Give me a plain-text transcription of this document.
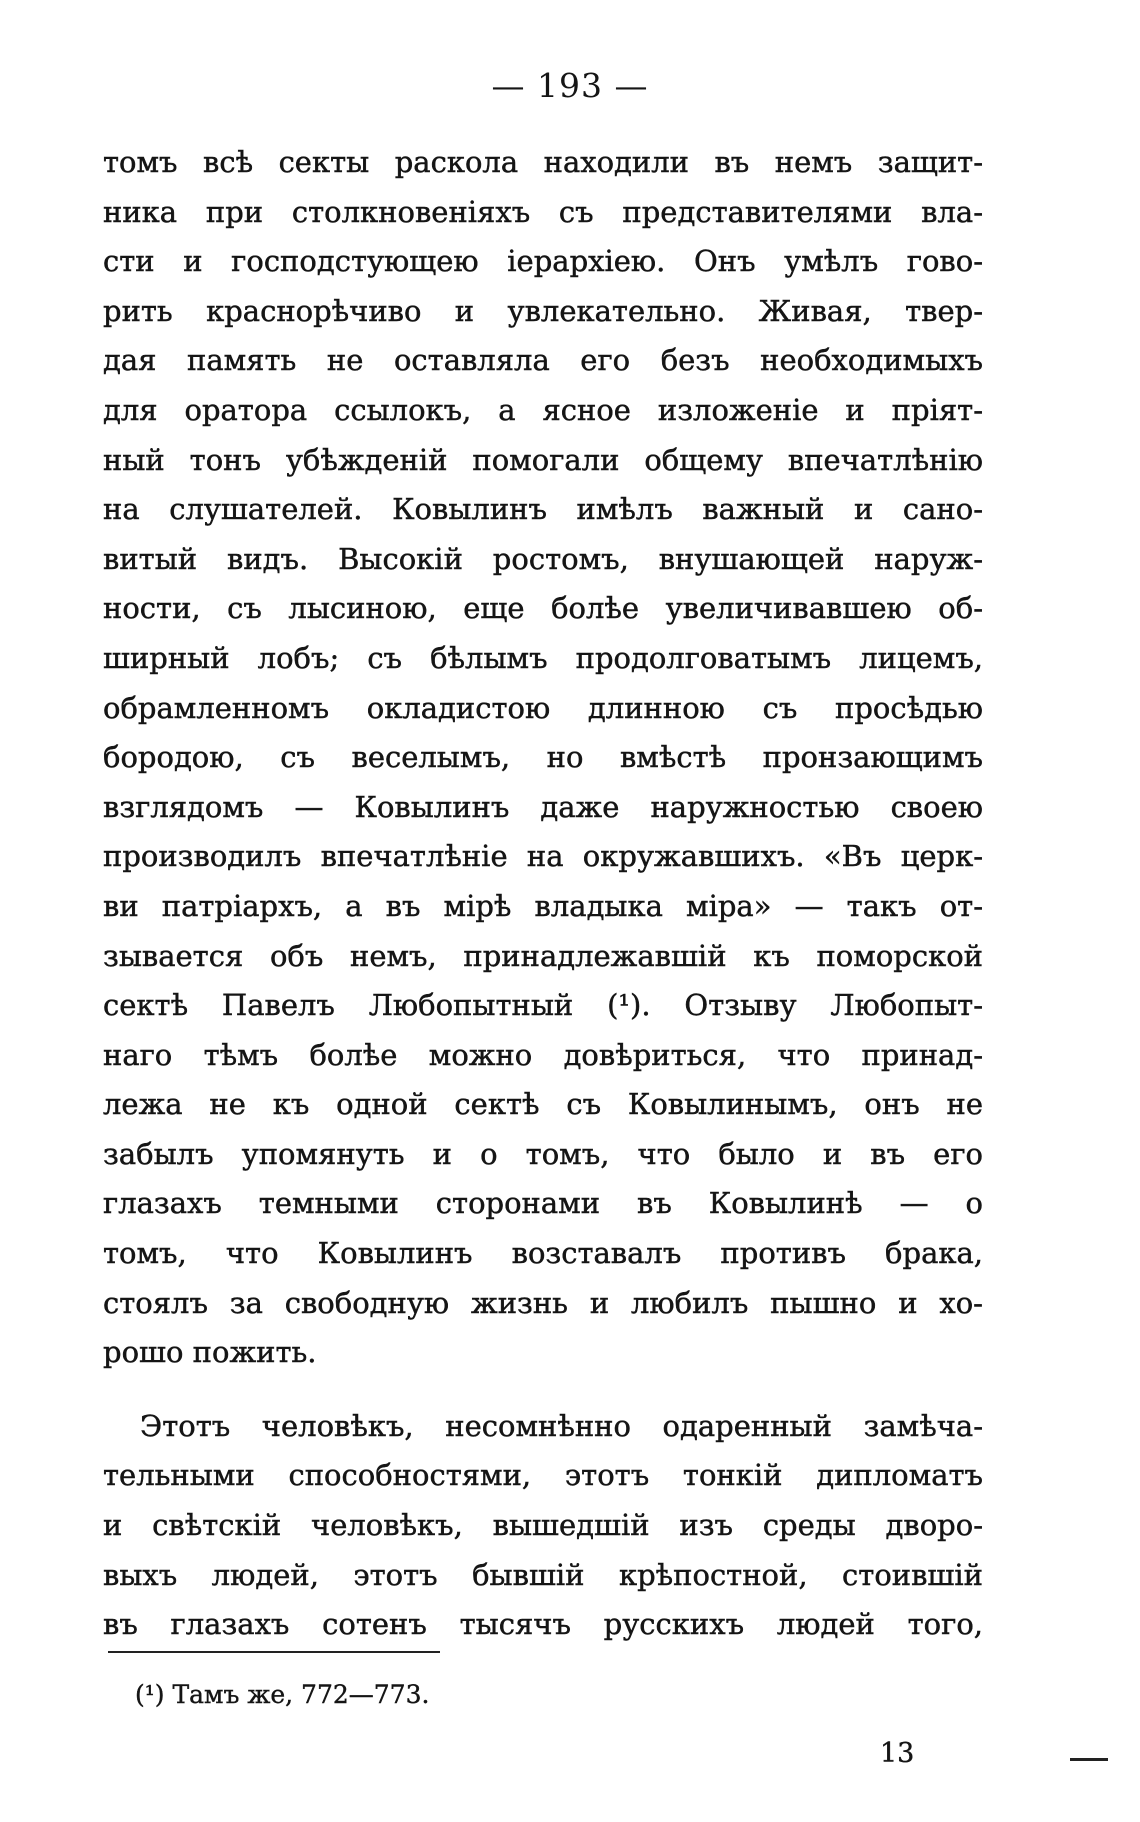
— 193 —
томъ всѣ секты раскола находили въ немъ защит-
ника при столкновеніяхъ съ представителями вла-
сти и господстующею іерархіею. Онъ умѣлъ гово-
рить краснорѣчиво и увлекательно. Живая, твер-
дая память не оставляла его безъ необходимыхъ
для оратора ссылокъ, а ясное изложеніе и пріят-
ный тонъ убѣжденій помогали общему впечатлѣнію
на слушателей. Ковылинъ имѣлъ важный и сано-
витый видъ. Высокій ростомъ, внушающей наруж-
ности, съ лысиною, еще болѣе увеличивавшею об-
ширный лобъ; съ бѣлымъ продолговатымъ лицемъ,
обрамленномъ окладистою длинною съ просѣдью
бородою, съ веселымъ, но вмѣстѣ пронзающимъ
взглядомъ — Ковылинъ даже наружностью своею
производилъ впечатлѣніе на окружавшихъ. «Въ церк-
ви патріархъ, а въ мірѣ владыка міра» — такъ от-
зывается объ немъ, принадлежавшій къ поморской
сектѣ Павелъ Любопытный (¹). Отзыву Любопыт-
наго тѣмъ болѣе можно довѣриться, что принад-
лежа не къ одной сектѣ съ Ковылинымъ, онъ не
забылъ упомянуть и о томъ, что было и въ его
глазахъ темными сторонами въ Ковылинѣ — о
томъ, что Ковылинъ возставалъ противъ брака,
стоялъ за свободную жизнь и любилъ пышно и хо-
рошо пожить.
Этотъ человѣкъ, несомнѣнно одаренный замѣча-
тельными способностями, этотъ тонкій дипломатъ
и свѣтскій человѣкъ, вышедшій изъ среды дворо-
выхъ людей, этотъ бывшій крѣпостной, стоившій
въ глазахъ сотенъ тысячъ русскихъ людей того,
(¹) Тамъ же, 772—773.
13
